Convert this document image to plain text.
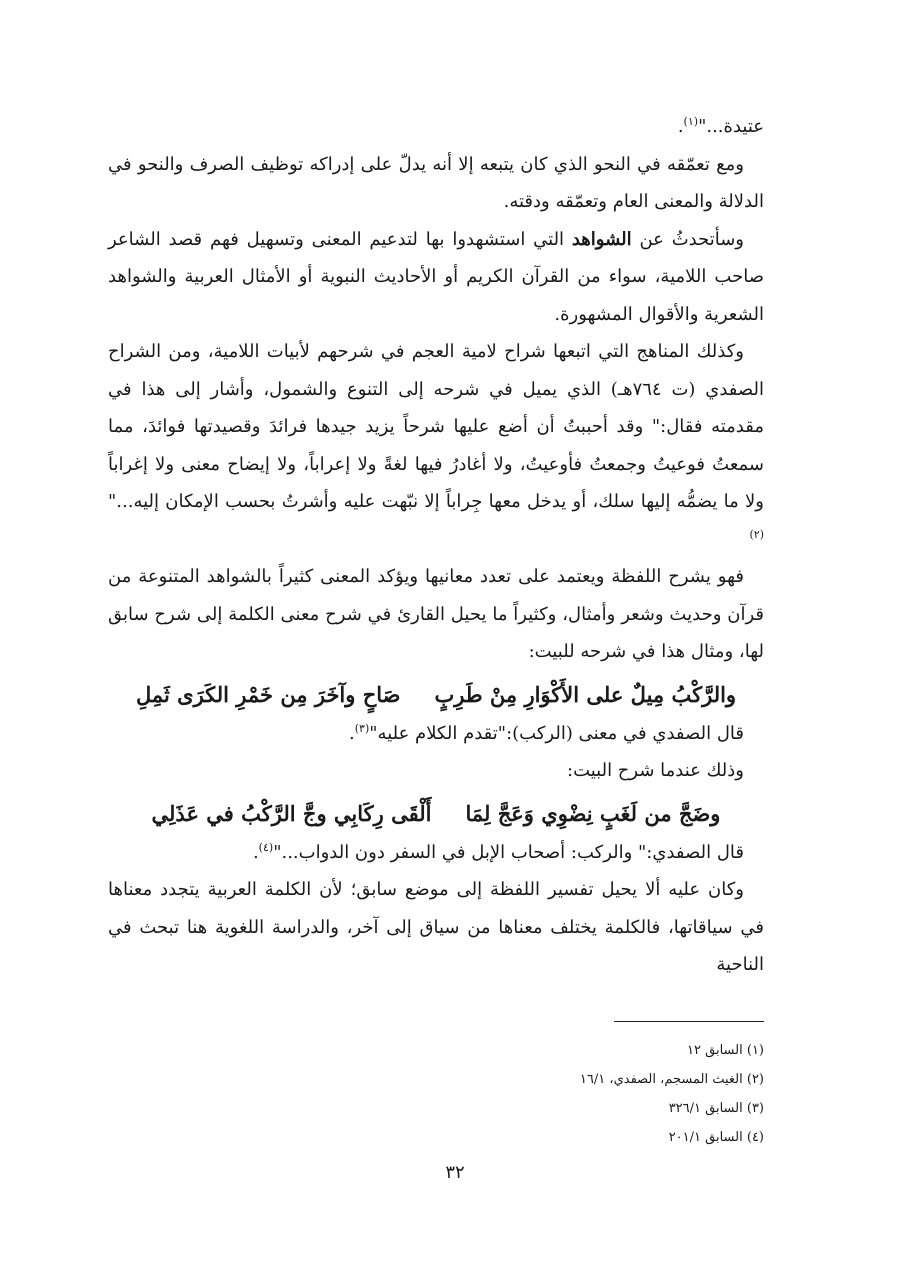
عتيدة..."$^{(١)}$.

ومع تعمّقه في النحو الذي كان يتبعه إلا أنه يدلّ على إدراكه توظيف الصرف والنحو في الدلالة والمعنى العام وتعمّقه ودقته.

وسأتحدثُ عن الشواهد التي استشهدوا بها لتدعيم المعنى وتسهيل فهم قصد الشاعر صاحب اللامية، سواء من القرآن الكريم أو الأحاديث النبوية أو الأمثال العربية والشواهد الشعرية والأقوال المشهورة.

وكذلك المناهج التي اتبعها شراح لامية العجم في شرحهم لأبيات اللامية، ومن الشراح الصفدي (ت ٧٦٤هـ) الذي يميل في شرحه إلى التنوع والشمول، وأشار إلى هذا في مقدمته فقال:" وقد أحببتُ أن أضع عليها شرحاً يزيد جيدها فرائدَ وقصيدتها فوائدَ، مما سمعتُ فوعيتُ وجمعتُ فأوعيتُ، ولا أغادرُ فيها لغةً ولا إعراباً، ولا إيضاح معنى ولا إغراباً ولا ما يضمُّه إليها سلك، أو يدخل معها جِراباً إلا نبّهت عليه وأشرتُ بحسب الإمكان إليه..."$^{(٢)}$

فهو يشرح اللفظة ويعتمد على تعدد معانيها ويؤكد المعنى كثيراً بالشواهد المتنوعة من قرآن وحديث وشعر وأمثال، وكثيراً ما يحيل القارئ في شرح معنى الكلمة إلى شرح سابق لها، ومثال هذا في شرحه للبيت:

والرَّكْبُ مِيلٌ على الأَكْوَارِ مِنْ طَرِبٍصَاحٍ وآخَرَ مِن خَمْرِ الكَرَى ثَمِلِ

قال الصفدي في معنى (الركب):"تقدم الكلام عليه"$^{(٣)}$.

وذلك عندما شرح البيت:

وضَجَّ من لَغَبٍ نِضْوِي وَعَجَّ لِمَاأَلْقَى رِكَابِي وجَّ الرَّكْبُ في عَذَلِي

قال الصفدي:" والركب: أصحاب الإبل في السفر دون الدواب..."$^{(٤)}$.

وكان عليه ألا يحيل تفسير اللفظة إلى موضع سابق؛ لأن الكلمة العربية يتجدد معناها في سياقاتها، فالكلمة يختلف معناها من سياق إلى آخر، والدراسة اللغوية هنا تبحث في الناحية

(١) السابق ١٢
(٢) الغيث المسجم، الصفدي، ١٦/١
(٣) السابق ٣٢٦/١
(٤) السابق ٢٠١/١
٣٢
